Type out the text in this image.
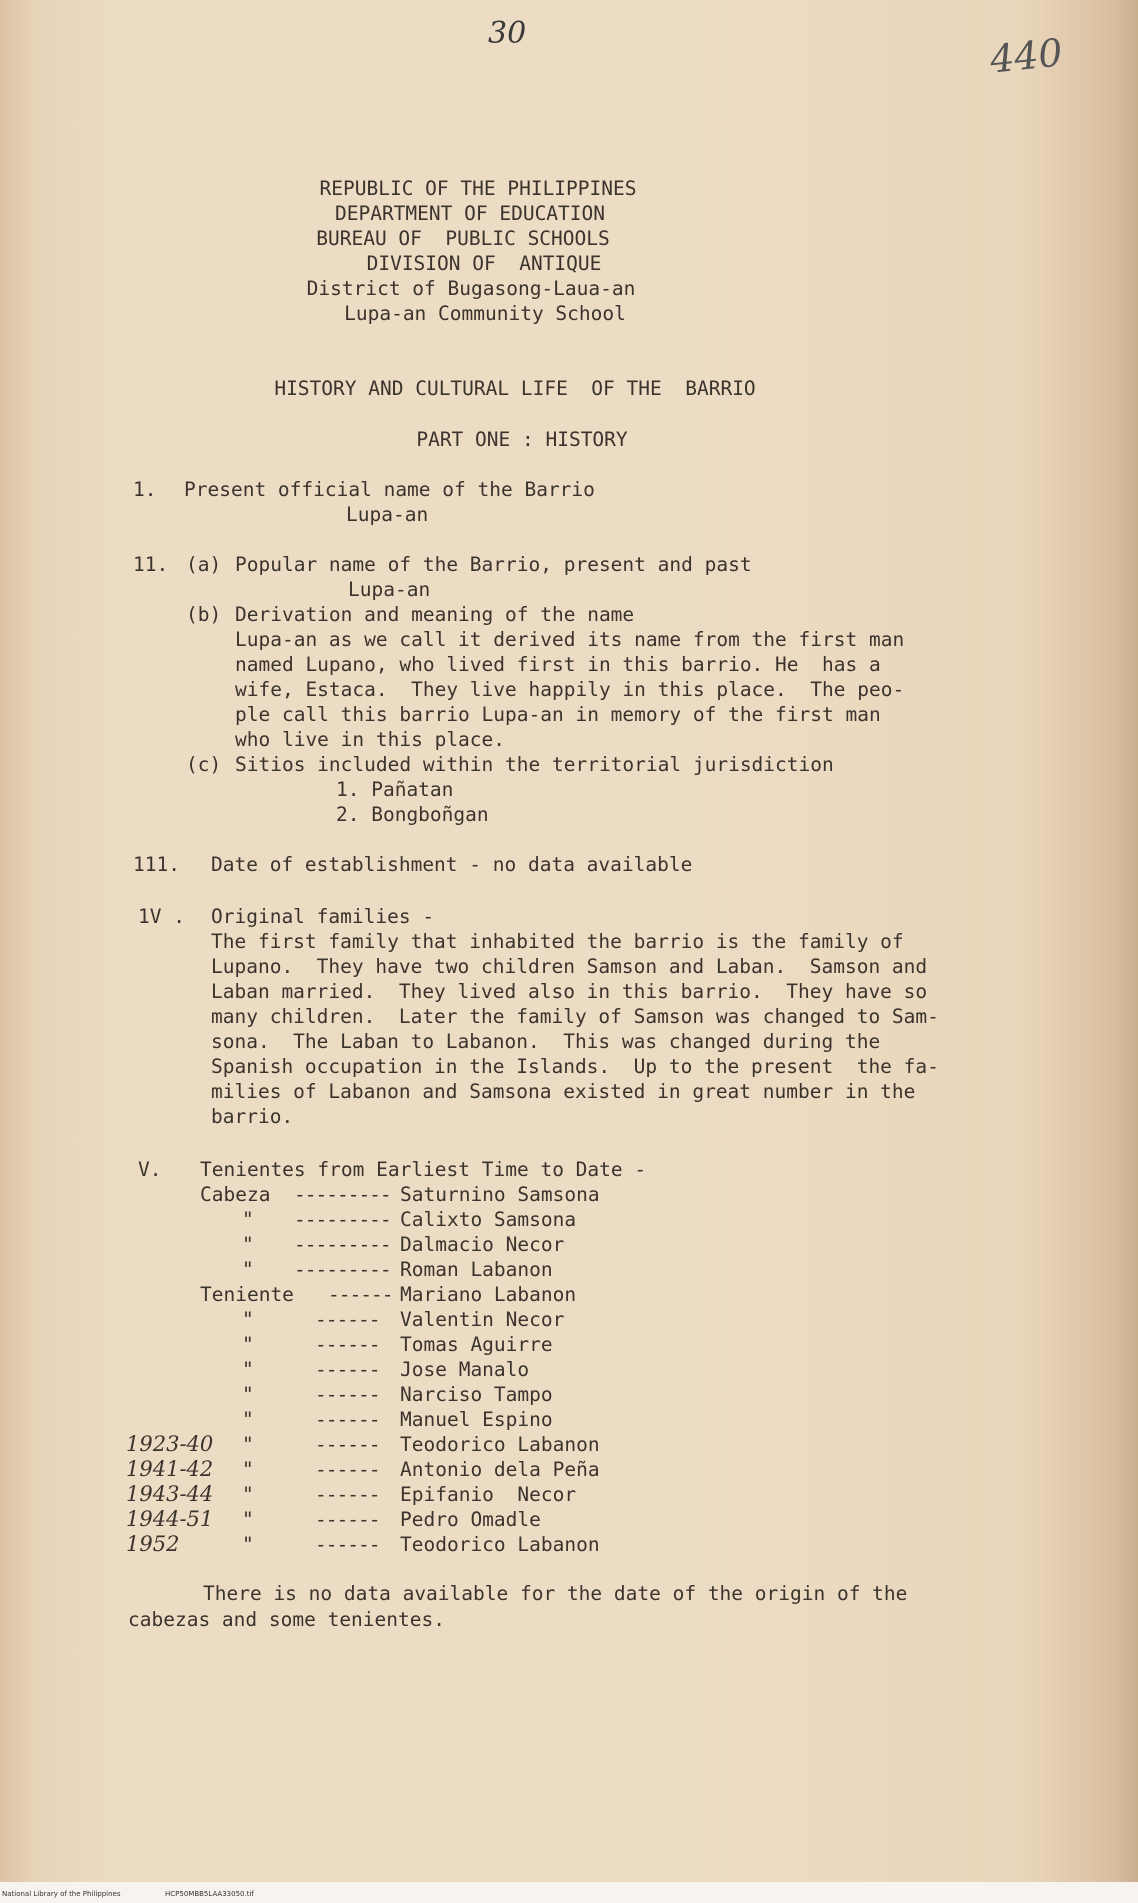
30	440
REPUBLIC OF THE PHILIPPINES
DEPARTMENT OF EDUCATION
BUREAU OF  PUBLIC SCHOOLS
DIVISION OF  ANTIQUE
District of Bugasong-Laua-an
Lupa-an Community School
HISTORY AND CULTURAL LIFE  OF THE  BARRIO
PART ONE : HISTORY
1. Present official name of the Barrio
Lupa-an
11. (a) Popular name of the Barrio, present and past
Lupa-an
(b) Derivation and meaning of the name
Lupa-an as we call it derived its name from the first man
named Lupano, who lived first in this barrio. He  has a
wife, Estaca.  They live happily in this place.  The peo-
ple call this barrio Lupa-an in memory of the first man
who live in this place.
(c) Sitios included within the territorial jurisdiction
1. Pañatan
2. Bongboñgan
111. Date of establishment - no data available
1V . Original families -
The first family that inhabited the barrio is the family of
Lupano.  They have two children Samson and Laban.  Samson and
Laban married.  They lived also in this barrio.  They have so
many children.  Later the family of Samson was changed to Sam-
sona.  The Laban to Labanon.  This was changed during the
Spanish occupation in the Islands.  Up to the present  the fa-
milies of Labanon and Samsona existed in great number in the
barrio.
V. Tenientes from Earliest Time to Date -
Cabeza --------- Saturnino Samsona
" --------- Calixto Samsona
" --------- Dalmacio Necor
" --------- Roman Labanon
Teniente ------ Mariano Labanon
"	------ Valentin Necor
"	------ Tomas Aguirre
"	------ Jose Manalo
"	------ Narciso Tampo
"	------ Manuel Espino
1923-40 "	------ Teodorico Labanon
1941-42 "	------ Antonio dela Peña
1943-44 "	------ Epifanio  Necor
1944-51 "	------ Pedro Omadle
1952	"	------ Teodorico Labanon
There is no data available for the date of the origin of the
cabezas and some tenientes.
National Library of the Philippines	HCP50MBB5LAA33050.tif
